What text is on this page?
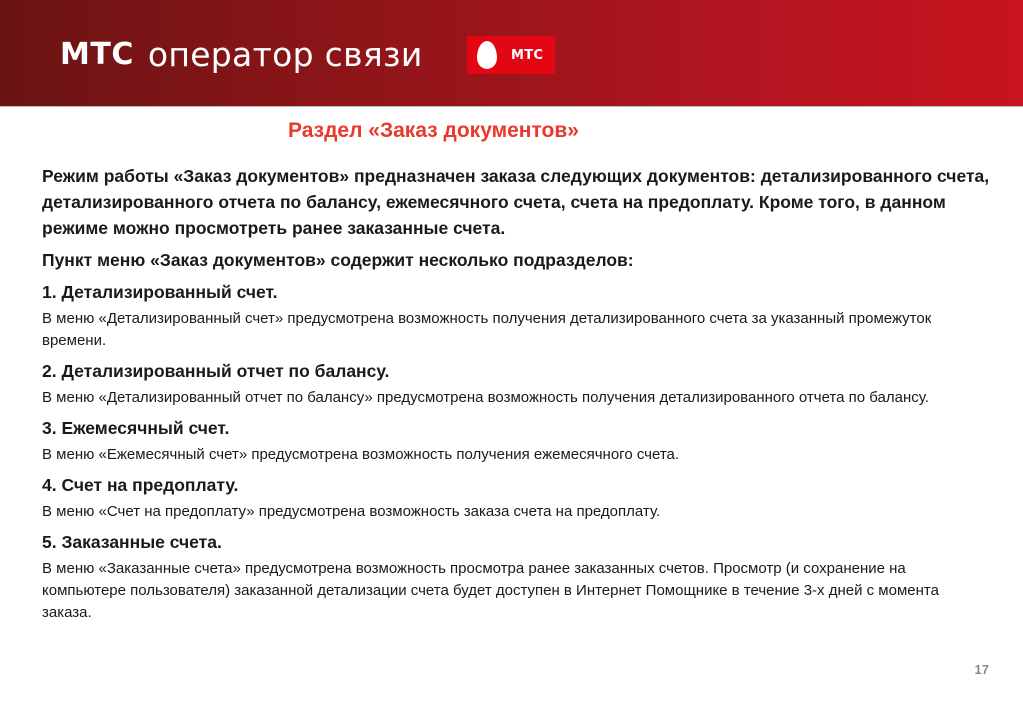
МТС оператор связи	МТС
Раздел «Заказ документов»

Режим работы «Заказ документов» предназначен заказа следующих документов: детализированного счета, детализированного отчета по балансу, ежемесячного счета, счета на предоплату. Кроме того, в данном режиме можно просмотреть ранее заказанные счета.

Пункт меню «Заказ документов» содержит несколько подразделов:

1. Детализированный счет.

В меню «Детализированный счет» предусмотрена возможность получения детализированного счета за указанный промежуток времени.

2. Детализированный отчет по балансу.

В меню «Детализированный отчет по балансу» предусмотрена возможность получения детализированного отчета по балансу.

3. Ежемесячный счет.

В меню «Ежемесячный счет» предусмотрена возможность получения ежемесячного счета.

4. Счет на предоплату.

В меню «Счет на предоплату» предусмотрена возможность заказа счета на предоплату.

5. Заказанные счета.

В меню «Заказанные счета» предусмотрена возможность просмотра ранее заказанных счетов. Просмотр (и сохранение на компьютере пользователя) заказанной детализации счета будет доступен в Интернет Помощнике в течение 3-х дней с момента заказа.

17
